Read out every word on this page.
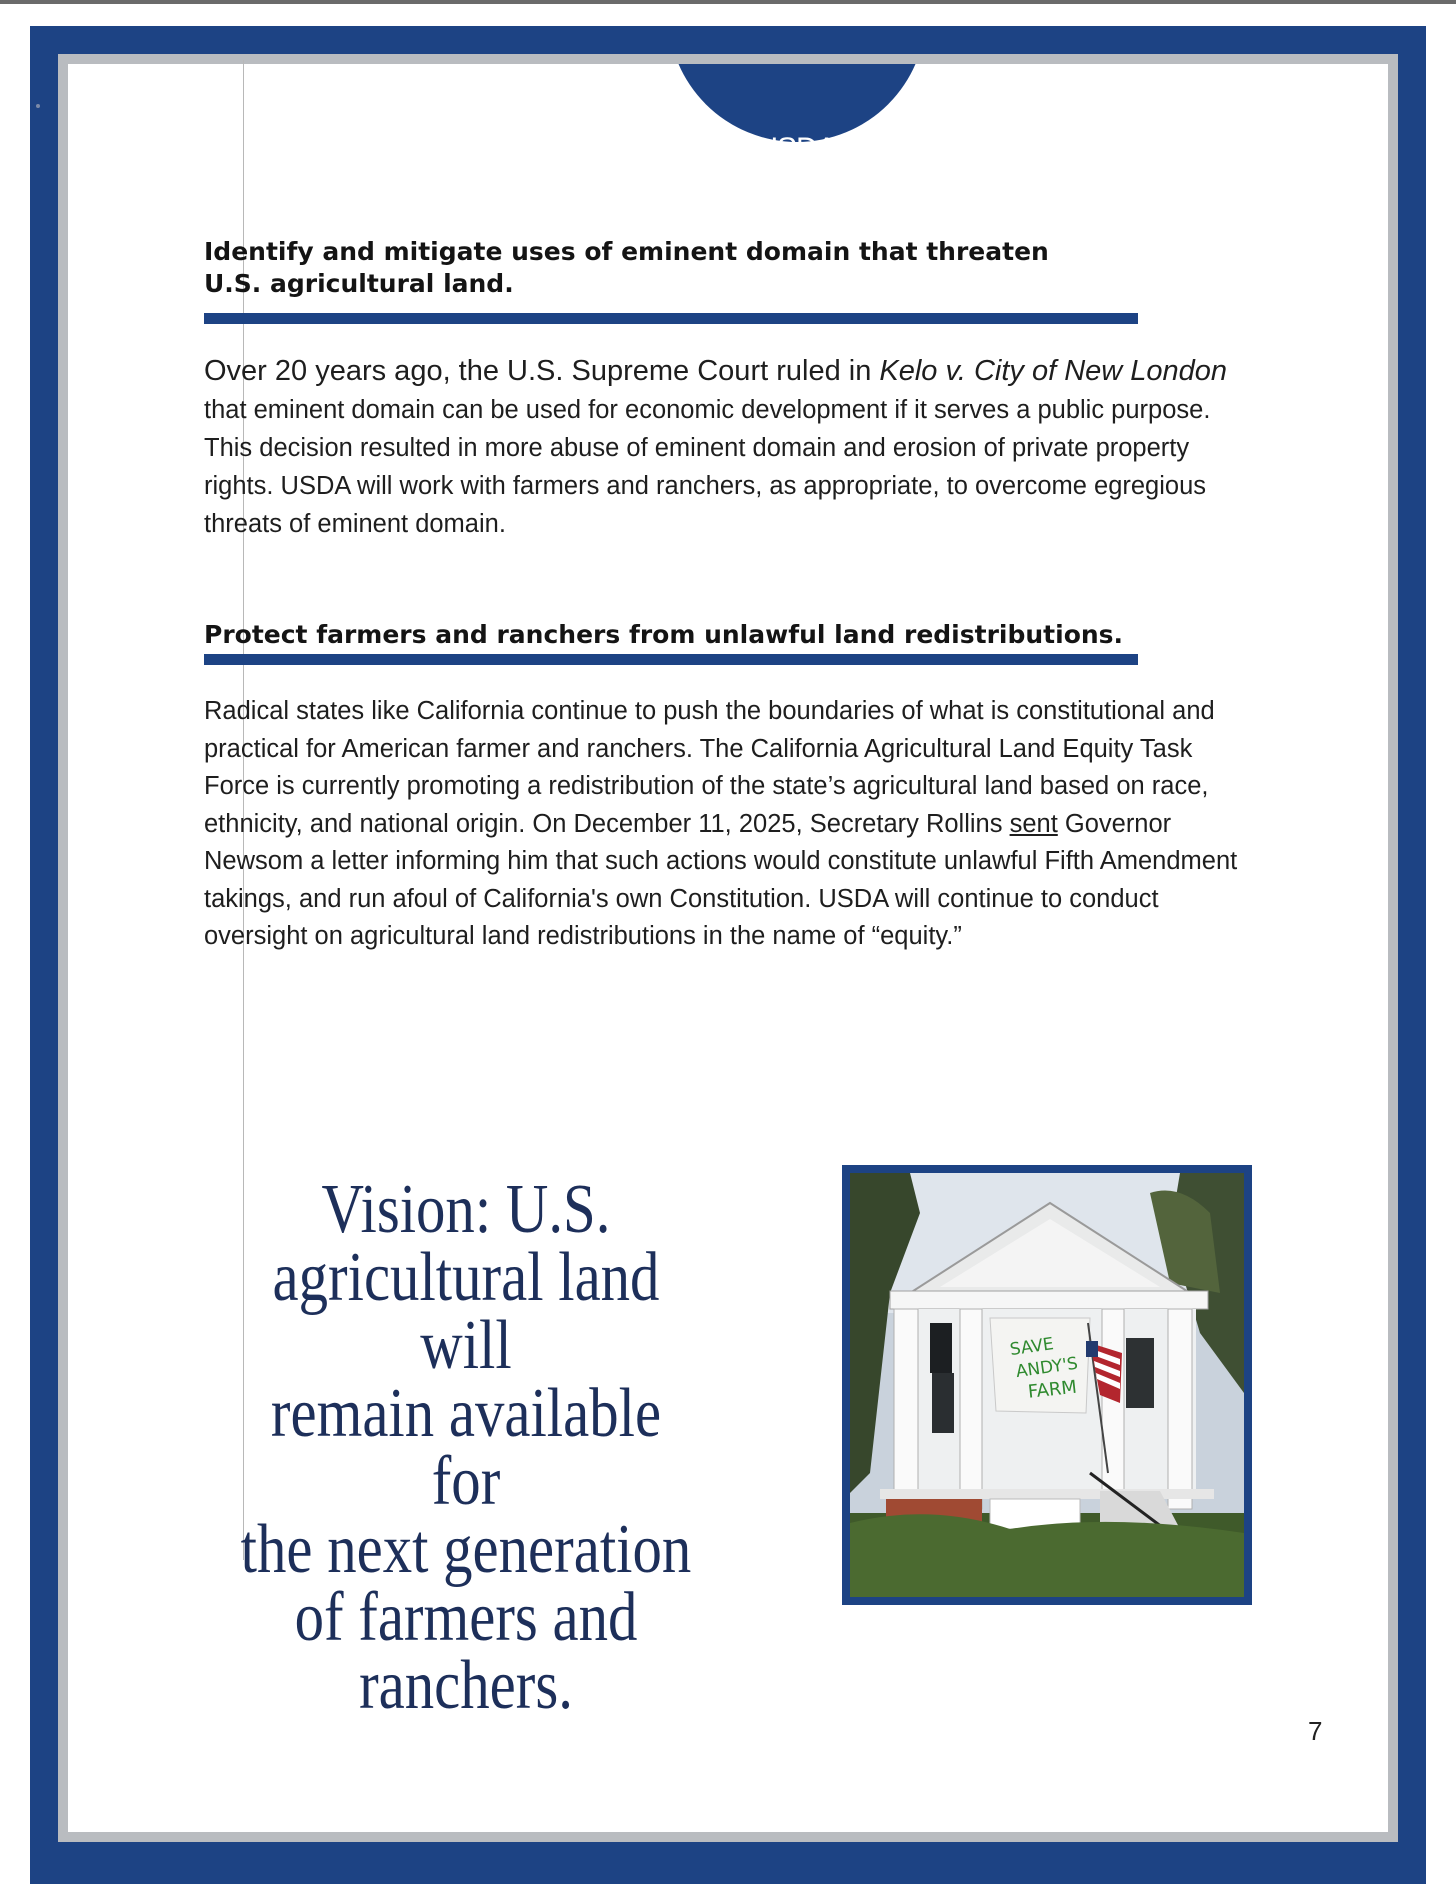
USDA
Identify and mitigate uses of eminent domain that threaten U.S. agricultural land.

Over 20 years ago, the U.S. Supreme Court ruled in Kelo v. City of New London that eminent domain can be used for economic development if it serves a public purpose. This decision resulted in more abuse of eminent domain and erosion of private property rights. USDA will work with farmers and ranchers, as appropriate, to overcome egregious threats of eminent domain.

Protect farmers and ranchers from unlawful land redistributions.

Radical states like California continue to push the boundaries of what is constitutional and practical for American farmer and ranchers. The California Agricultural Land Equity Task Force is currently promoting a redistribution of the state’s agricultural land based on race, ethnicity, and national origin. On December 11, 2025, Secretary Rollins sent Governor Newsom a letter informing him that such actions would constitute unlawful Fifth Amendment takings, and run afoul of California's own Constitution. USDA will continue to conduct oversight on agricultural land redistributions in the name of “equity.”

Vision: U.S.
agricultural land will
remain available for
the next generation
of farmers and
ranchers.
SAVE
ANDY'S
FARM
7
